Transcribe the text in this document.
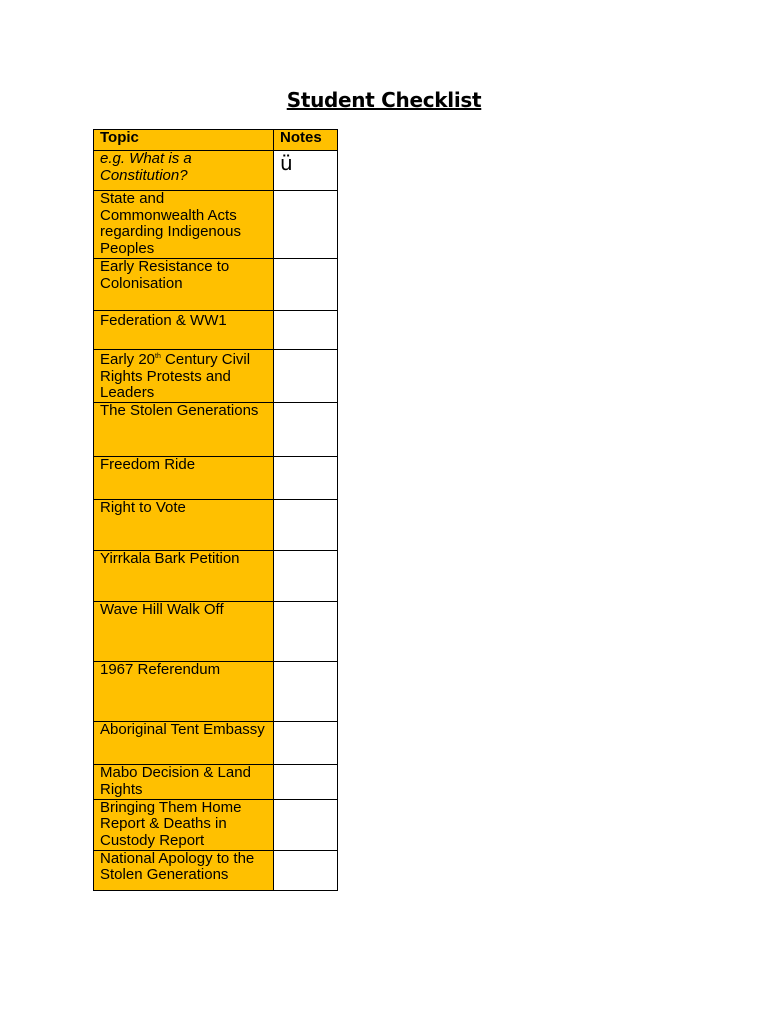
Student Checklist
Topic	Notes
e.g. What is a Constitution?	ü
State and Commonwealth Acts regarding Indigenous Peoples	
Early Resistance to Colonisation	
Federation & WW1	
Early 20th Century Civil Rights Protests and Leaders	
The Stolen Generations	
Freedom Ride	
Right to Vote	
Yirrkala Bark Petition	
Wave Hill Walk Off	
1967 Referendum	
Aboriginal Tent Embassy	
Mabo Decision & Land Rights	
Bringing Them Home Report & Deaths in Custody Report	
National Apology to the Stolen Generations	
